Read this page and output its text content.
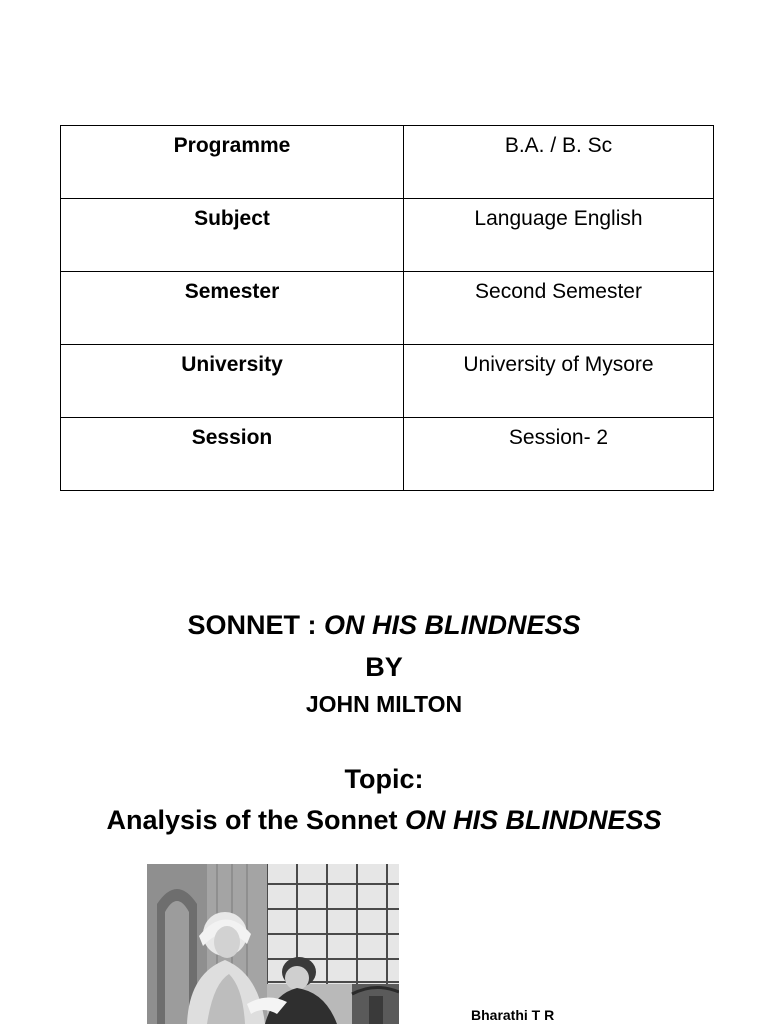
Programme	B.A. / B. Sc
Subject	Language English
Semester	Second Semester
University	University of Mysore
Session	Session- 2
SONNET : ON HIS BLINDNESS
BY
JOHN MILTON
Topic:
Analysis of the Sonnet ON HIS BLINDNESS
Bharathi T R
